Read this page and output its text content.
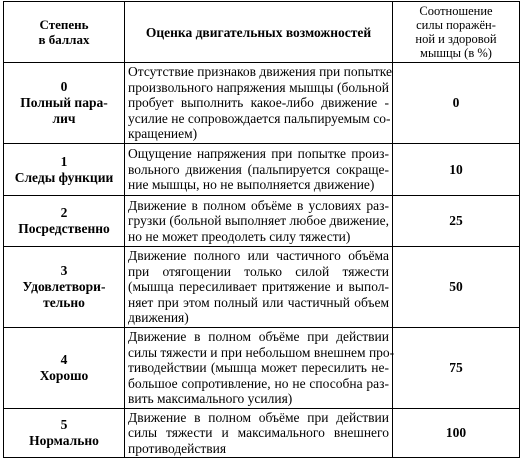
Степень
в баллах	Оценка двигательных возможностей	Соотношение
силы поражён-
ной и здоровой
мышцы (в %)

0
Полный пара-
лич	Отсутствие признаков движения при попытке
произвольного напряжения мышцы (больной
пробует выполнить какое-либо движение -
усилие не сопровождается пальпируемым со-
кращением)	0

1
Следы функции	Ощущение напряжения при попытке произ-
вольного движения (пальпируется сокраще-
ние мышцы, но не выполняется движение)	10

2
Посредственно	Движение в полном объёме в условиях раз-
грузки (больной выполняет любое движение,
но не может преодолеть силу тяжести)	25

3
Удовлетвори-
тельно	Движение полного или частичного объёма
при отягощении только силой тяжести
(мышца пересиливает притяжение и выпол-
няет при этом полный или частичный объем
движения)	50

4
Хорошо	Движение в полном объёме при действии
силы тяжести и при небольшом внешнем про-
тиводействии (мышца может пересилить не-
большое сопротивление, но не способна раз-
вить максимального усилия)	75

5
Нормально	Движение в полном объёме при действии
силы тяжести и максимального внешнего
противодействия	100
